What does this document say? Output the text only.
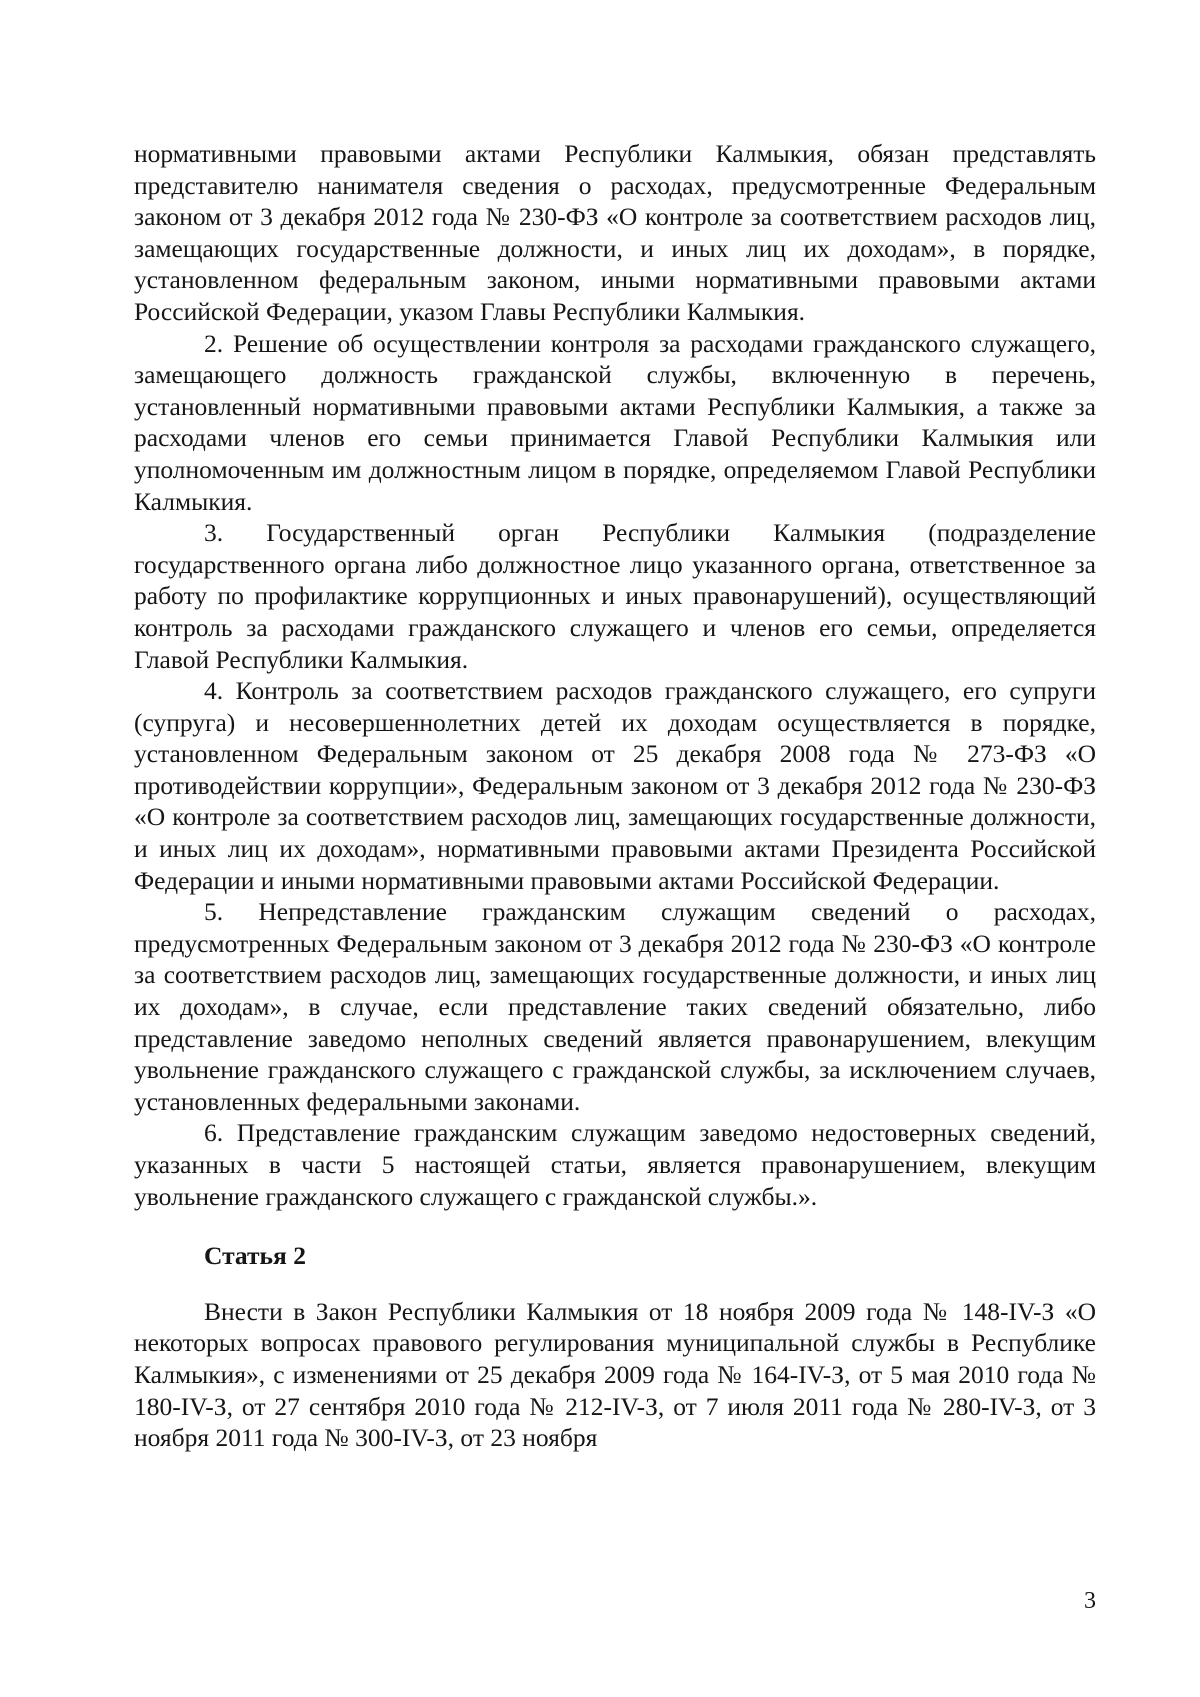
нормативными правовыми актами Республики Калмыкия, обязан представлять представителю нанимателя сведения о расходах, предусмотренные Федеральным законом от 3 декабря 2012 года № 230-ФЗ «О контроле за соответствием расходов лиц, замещающих государственные должности, и иных лиц их доходам», в порядке, установленном федеральным законом, иными нормативными правовыми актами Российской Федерации, указом Главы Республики Калмыкия.

2. Решение об осуществлении контроля за расходами гражданского служащего, замещающего должность гражданской службы, включенную в перечень, установленный нормативными правовыми актами Республики Калмыкия, а также за расходами членов его семьи принимается Главой Республики Калмыкия или уполномоченным им должностным лицом в порядке, определяемом Главой Республики Калмыкия.

3. Государственный орган Республики Калмыкия (подразделение государственного органа либо должностное лицо указанного органа, ответственное за работу по профилактике коррупционных и иных правонарушений), осуществляющий контроль за расходами гражданского служащего и членов его семьи, определяется Главой Республики Калмыкия.

4. Контроль за соответствием расходов гражданского служащего, его супруги (супруга) и несовершеннолетних детей их доходам осуществляется в порядке, установленном Федеральным законом от 25 декабря 2008 года № 273-ФЗ «О противодействии коррупции», Федеральным законом от 3 декабря 2012 года № 230-ФЗ «О контроле за соответствием расходов лиц, замещающих государственные должности, и иных лиц их доходам», нормативными правовыми актами Президента Российской Федерации и иными нормативными правовыми актами Российской Федерации.

5. Непредставление гражданским служащим сведений о расходах, предусмотренных Федеральным законом от 3 декабря 2012 года № 230-ФЗ «О контроле за соответствием расходов лиц, замещающих государственные должности, и иных лиц их доходам», в случае, если представление таких сведений обязательно, либо представление заведомо неполных сведений является правонарушением, влекущим увольнение гражданского служащего с гражданской службы, за исключением случаев, установленных федеральными законами.

6. Представление гражданским служащим заведомо недостоверных сведений, указанных в части 5 настоящей статьи, является правонарушением, влекущим увольнение гражданского служащего с гражданской службы.».

Статья 2

Внести в Закон Республики Калмыкия от 18 ноября 2009 года № 148-IV-З «О некоторых вопросах правового регулирования муниципальной службы в Республике Калмыкия», с изменениями от 25 декабря 2009 года № 164-IV-З, от 5 мая 2010 года № 180-IV-З, от 27 сентября 2010 года № 212-IV-З, от 7 июля 2011 года № 280-IV-З, от 3 ноября 2011 года № 300-IV-З, от 23 ноября

3
